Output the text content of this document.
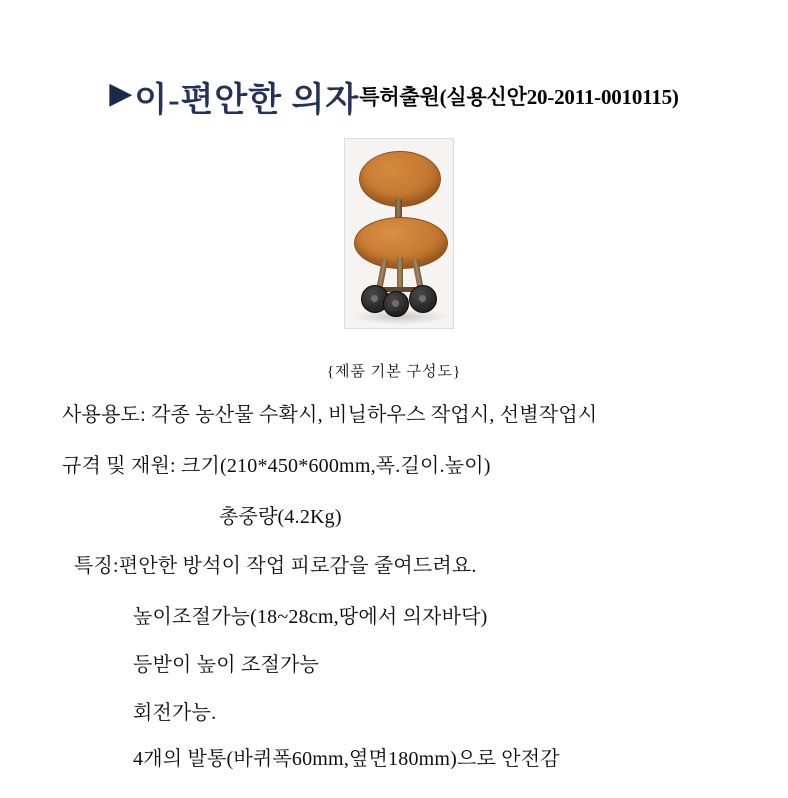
▶이-편안한 의자특허출원(실용신안20-2011-0010115)
{제품 기본 구성도}
사용용도: 각종 농산물 수확시, 비닐하우스 작업시, 선별작업시
규격 및 재원: 크기(210*450*600mm,폭.길이.높이)
총중량(4.2Kg)
특징:편안한 방석이 작업 피로감을 줄여드려요.
높이조절가능(18~28cm,땅에서 의자바닥)
등받이 높이 조절가능
회전가능.
4개의 발통(바퀴폭60mm,옆면180mm)으로 안전감
